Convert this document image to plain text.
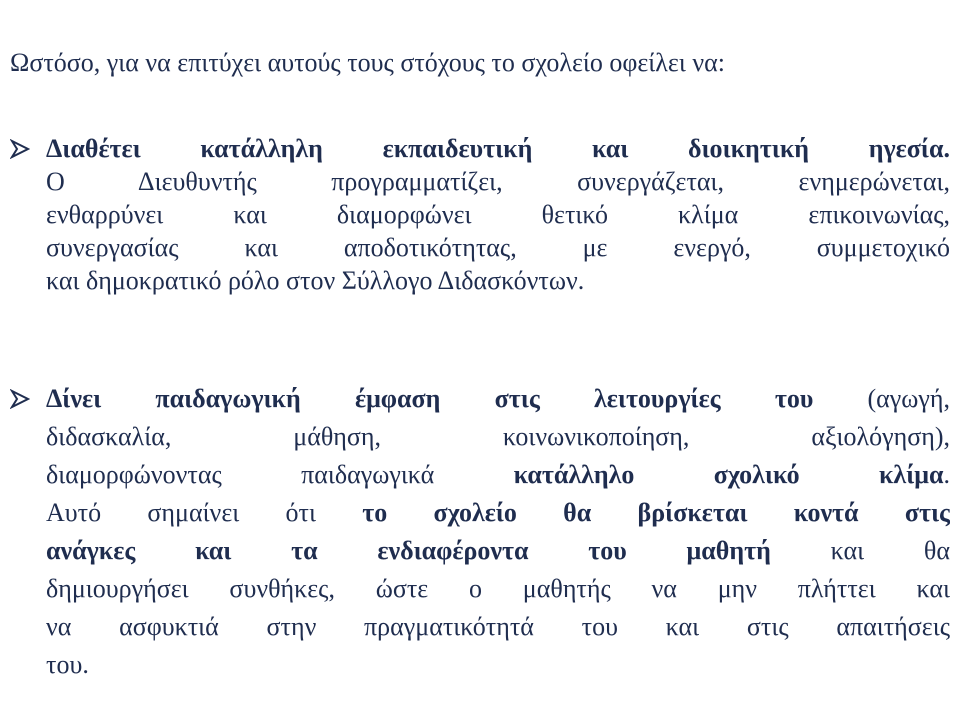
Ωστόσο, για να επιτύχει αυτούς τους στόχους το σχολείο οφείλει να:
Διαθέτει κατάλληλη εκπαιδευτική και διοικητική ηγεσία.
Ο Διευθυντής προγραμματίζει, συνεργάζεται, ενημερώνεται,
ενθαρρύνει και διαμορφώνει θετικό κλίμα επικοινωνίας,
συνεργασίας και αποδοτικότητας, με ενεργό, συμμετοχικό
και δημοκρατικό ρόλο στον Σύλλογο Διδασκόντων.
Δίνει παιδαγωγική έμφαση στις λειτουργίες του (αγωγή,
διδασκαλία, μάθηση, κοινωνικοποίηση, αξιολόγηση),
διαμορφώνοντας παιδαγωγικά κατάλληλο σχολικό κλίμα.
Αυτό σημαίνει ότι το σχολείο θα βρίσκεται κοντά στις
ανάγκες και τα ενδιαφέροντα του μαθητή και θα
δημιουργήσει συνθήκες, ώστε ο μαθητής να μην πλήττει και
να ασφυκτιά στην πραγματικότητά του και στις απαιτήσεις
του.
